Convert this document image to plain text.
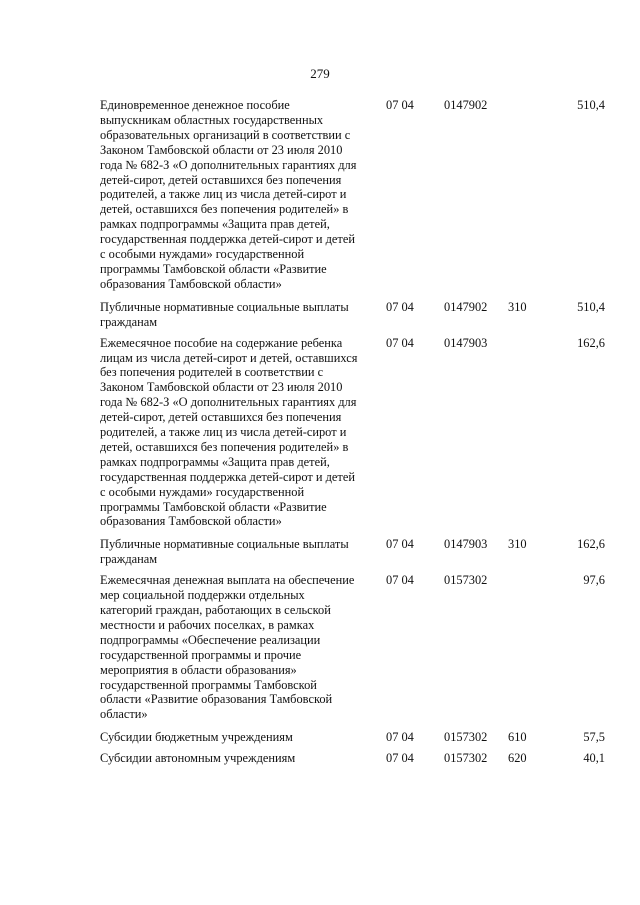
279
Единовременное денежное пособие выпускникам областных государственных образовательных организаций в соответствии с Законом Тамбовской области от 23 июля 2010 года № 682-З «О дополнительных гарантиях для детей-сирот, детей оставшихся без попечения родителей, а также лиц из числа детей-сирот и детей, оставшихся без попечения родителей» в рамках подпрограммы «Защита прав детей, государственная поддержка детей-сирот и детей с особыми нуждами» государственной программы Тамбовской области «Развитие образования Тамбовской области»	07 04	0147902		510,4

Публичные нормативные социальные выплаты гражданам	07 04	0147902	310	510,4

Ежемесячное пособие на содержание ребенка лицам из числа детей-сирот и детей, оставшихся без попечения родителей в соответствии с Законом Тамбовской области от 23 июля 2010 года № 682-З «О дополнительных гарантиях для детей-сирот, детей оставшихся без попечения родителей, а также лиц из числа детей-сирот и детей, оставшихся без попечения родителей» в рамках подпрограммы «Защита прав детей, государственная поддержка детей-сирот и детей с особыми нуждами» государственной программы Тамбовской области «Развитие образования Тамбовской области»	07 04	0147903		162,6

Публичные нормативные социальные выплаты гражданам	07 04	0147903	310	162,6

Ежемесячная денежная выплата на обеспечение мер социальной поддержки отдельных категорий граждан, работающих в сельской местности и рабочих поселках, в рамках подпрограммы «Обеспечение реализации государственной программы и прочие мероприятия в области образования» государственной программы Тамбовской области «Развитие образования Тамбовской области»	07 04	0157302		97,6

Субсидии бюджетным учреждениям	07 04	0157302	610	57,5

Субсидии автономным учреждениям	07 04	0157302	620	40,1
